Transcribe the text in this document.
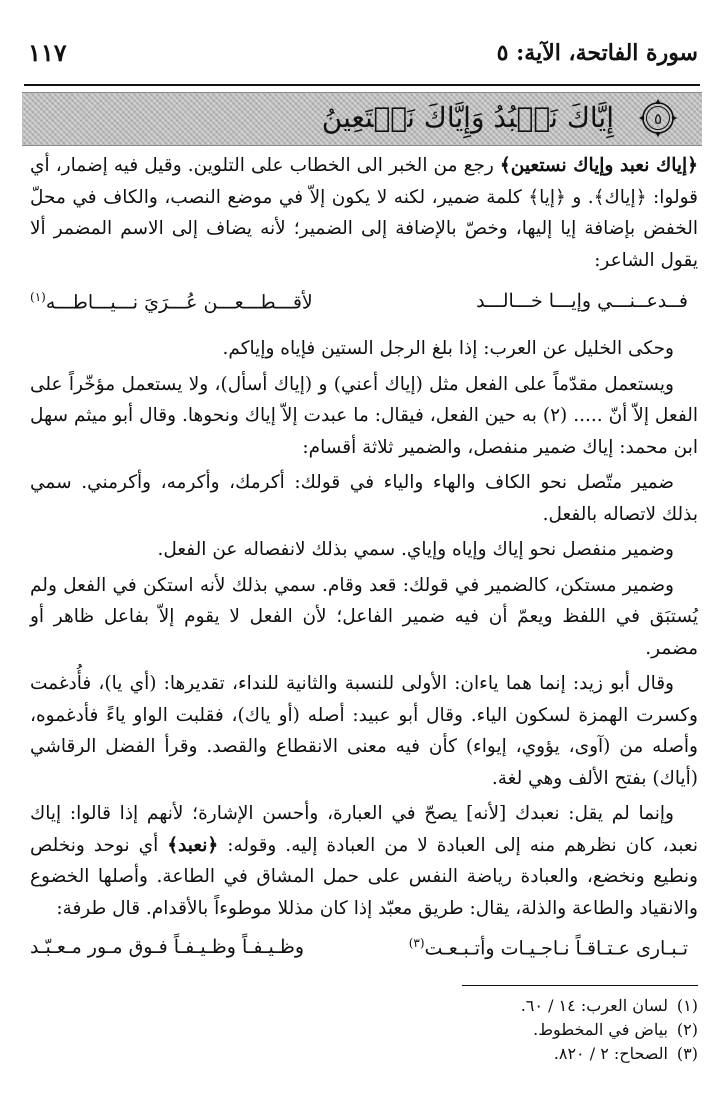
سورة الفاتحة، الآية: ٥
١١٧
٥
إِيَّاكَ نَعۡبُدُ وَإِيَّاكَ نَسۡتَعِينُ

﴿إياك نعبد وإياك نستعين﴾ رجع من الخبر الى الخطاب على التلوين. وقيل فيه إضمار، أي قولوا: ﴿إياك﴾. و ﴿إيا﴾ كلمة ضمير، لكنه لا يكون إلاّ في موضع النصب، والكاف في محلّ الخفض بإضافة إيا إليها، وخصّ بالإضافة إلى الضمير؛ لأنه يضاف إلى الاسم المضمر ألا يقول الشاعر:

فــدعــنـــي وإيـــا خـــالـــد
لأقـــطـــعـــن عُـــرَيَ نـــيـــاطـــه$^{(١)}$

وحكى الخليل عن العرب: إذا بلغ الرجل الستين فإياه وإياكم.

ويستعمل مقدّماً على الفعل مثل (إياك أعني) و (إياك أسأل)، ولا يستعمل مؤخّراً على الفعل إلاّ أنّ ..... (٢) به حين الفعل، فيقال: ما عبدت إلاّ إياك ونحوها. وقال أبو ميثم سهل ابن محمد: إياك ضمير منفصل، والضمير ثلاثة أقسام:

ضمير متّصل نحو الكاف والهاء والياء في قولك: أكرمك، وأكرمه، وأكرمني. سمي بذلك لاتصاله بالفعل.

وضمير منفصل نحو إياك وإياه وإياي. سمي بذلك لانفصاله عن الفعل.

وضمير مستكن، كالضمير في قولك: قعد وقام. سمي بذلك لأنه استكن في الفعل ولم يُستبَق في اللفظ ويعمّ أن فيه ضمير الفاعل؛ لأن الفعل لا يقوم إلاّ بفاعل ظاهر أو مضمر.

وقال أبو زيد: إنما هما ياءان: الأولى للنسبة والثانية للنداء، تقديرها: (أي يا)، فأُدغمت وكسرت الهمزة لسكون الياء. وقال أبو عبيد: أصله (أو ياك)، فقلبت الواو ياءً فأدغموه، وأصله من (آوى، يؤوي، إيواء) كأن فيه معنى الانقطاع والقصد. وقرأ الفضل الرقاشي (أياك) بفتح الألف وهي لغة.

وإنما لم يقل: نعبدك [لأنه] يصحّ في العبارة، وأحسن الإشارة؛ لأنهم إذا قالوا: إياك نعبد، كان نظرهم منه إلى العبادة لا من العبادة إليه. وقوله: ﴿نعبد﴾ أي نوحد ونخلص ونطيع ونخضع، والعبادة رياضة النفس على حمل المشاق في الطاعة. وأصلها الخضوع والانقياد والطاعة والذلة، يقال: طريق معبّد إذا كان مذللا موطوءاً بالأقدام. قال طرفة:

تـبـارى عـتـاقـاً نـاجـيـات وأتـبـعـت$^{(٣)}$
وظـيـفـاً وظـيـفـاً فـوق مـور مـعـبّـد
(١)لسان العرب: ١٤ / ٦٠.
(٢)بياض في المخطوط.
(٣)الصحاح: ٢ / ٨٢٠.
